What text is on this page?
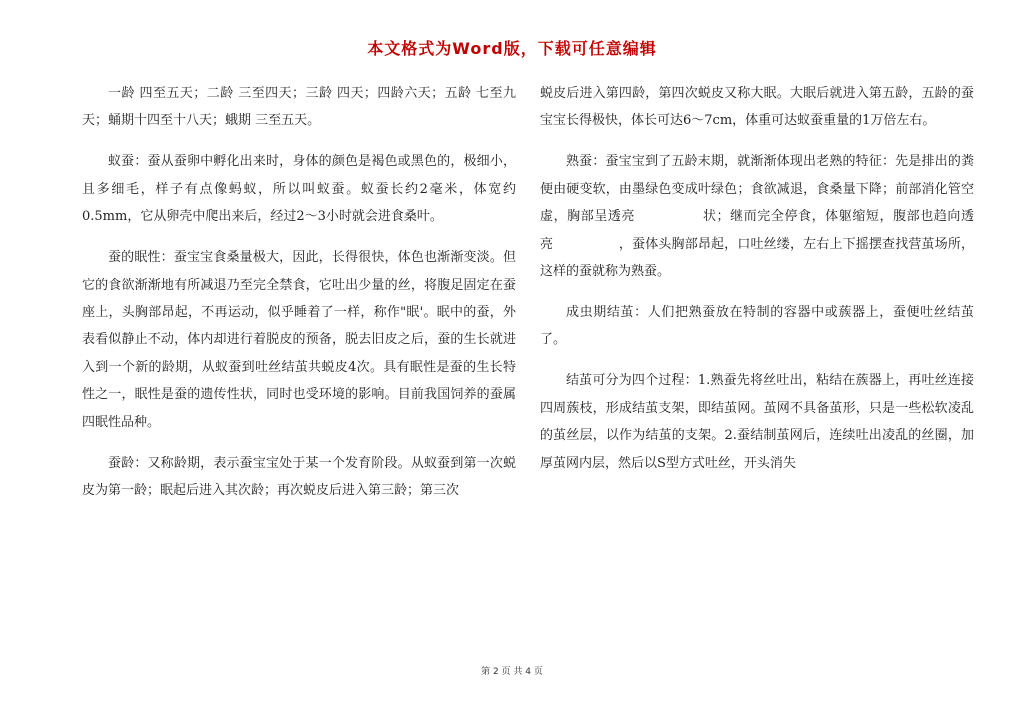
本文格式为Word版，下载可任意编辑

一龄 四至五天；二龄 三至四天；三龄 四天；四龄六天；五龄 七至九天；蛹期十四至十八天；蛾期 三至五天。

蚁蚕：蚕从蚕卵中孵化出来时，身体的颜色是褐色或黑色的，极细小，且多细毛，样子有点像蚂蚁，所以叫蚁蚕。蚁蚕长约2毫米，体宽约0.5mm，它从卵壳中爬出来后，经过2～3小时就会进食桑叶。

蚕的眠性：蚕宝宝食桑量极大，因此，长得很快，体色也渐渐变淡。但它的食欲渐渐地有所减退乃至完全禁食，它吐出少量的丝，将腹足固定在蚕座上，头胸部昂起，不再运动，似乎睡着了一样，称作"眠'。眠中的蚕，外表看似静止不动，体内却进行着脱皮的预备，脱去旧皮之后，蚕的生长就进入到一个新的龄期，从蚁蚕到吐丝结茧共蜕皮4次。具有眠性是蚕的生长特性之一，眠性是蚕的遗传性状，同时也受环境的影响。目前我国饲养的蚕属四眠性品种。

蚕龄：又称龄期，表示蚕宝宝处于某一个发育阶段。从蚁蚕到第一次蜕皮为第一龄；眠起后进入其次龄；再次蜕皮后进入第三龄；第三次

蜕皮后进入第四龄，第四次蜕皮又称大眠。大眠后就进入第五龄，五龄的蚕宝宝长得极快，体长可达6～7cm，体重可达蚁蚕重量的1万倍左右。

熟蚕：蚕宝宝到了五龄末期，就渐渐体现出老熟的特征：先是排出的粪便由硬变软，由墨绿色变成叶绿色；食欲减退，食桑量下降；前部消化管空虚，胸部呈透亮　　　　　状；继而完全停食，体躯缩短，腹部也趋向透亮　　　　　，蚕体头胸部昂起，口吐丝缕，左右上下摇摆查找营茧场所，这样的蚕就称为熟蚕。

成虫期结茧：人们把熟蚕放在特制的容器中或蔟器上，蚕便吐丝结茧了。

结茧可分为四个过程：1.熟蚕先将丝吐出，粘结在蔟器上，再吐丝连接四周蔟枝，形成结茧支架，即结茧网。茧网不具备茧形，只是一些松软凌乱的茧丝层，以作为结茧的支架。2.蚕结制茧网后，连续吐出凌乱的丝圈，加厚茧网内层，然后以S型方式吐丝，开头消失

第 2 页 共 4 页
